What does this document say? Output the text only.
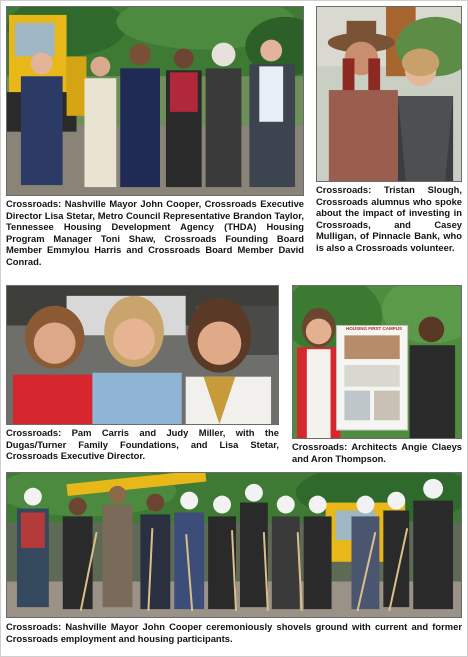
Crossroads: Nashville Mayor John Cooper, Crossroads Executive Director Lisa Stetar, Metro Council Representative Brandon Taylor, Tennessee Housing Development Agency (THDA) Housing Program Manager Toni Shaw, Crossroads Founding Board Member Emmylou Harris and Crossroads Board Member David Conrad.

Crossroads: Tristan Slough, Crossroads alumnus who spoke about the impact of investing in Crossroads, and Casey Mulligan, of Pinnacle Bank, who is also a Crossroads volunteer.

Crossroads: Pam Carris and Judy Miller, with the Dugas/Turner Family Foundations, and Lisa Stetar, Crossroads Executive Director.

HOUSING FIRST CAMPUS

Crossroads: Architects Angie Claeys and Aron Thompson.

Crossroads: Nashville Mayor John Cooper ceremoniously shovels ground with current and former Crossroads employment and housing participants.
